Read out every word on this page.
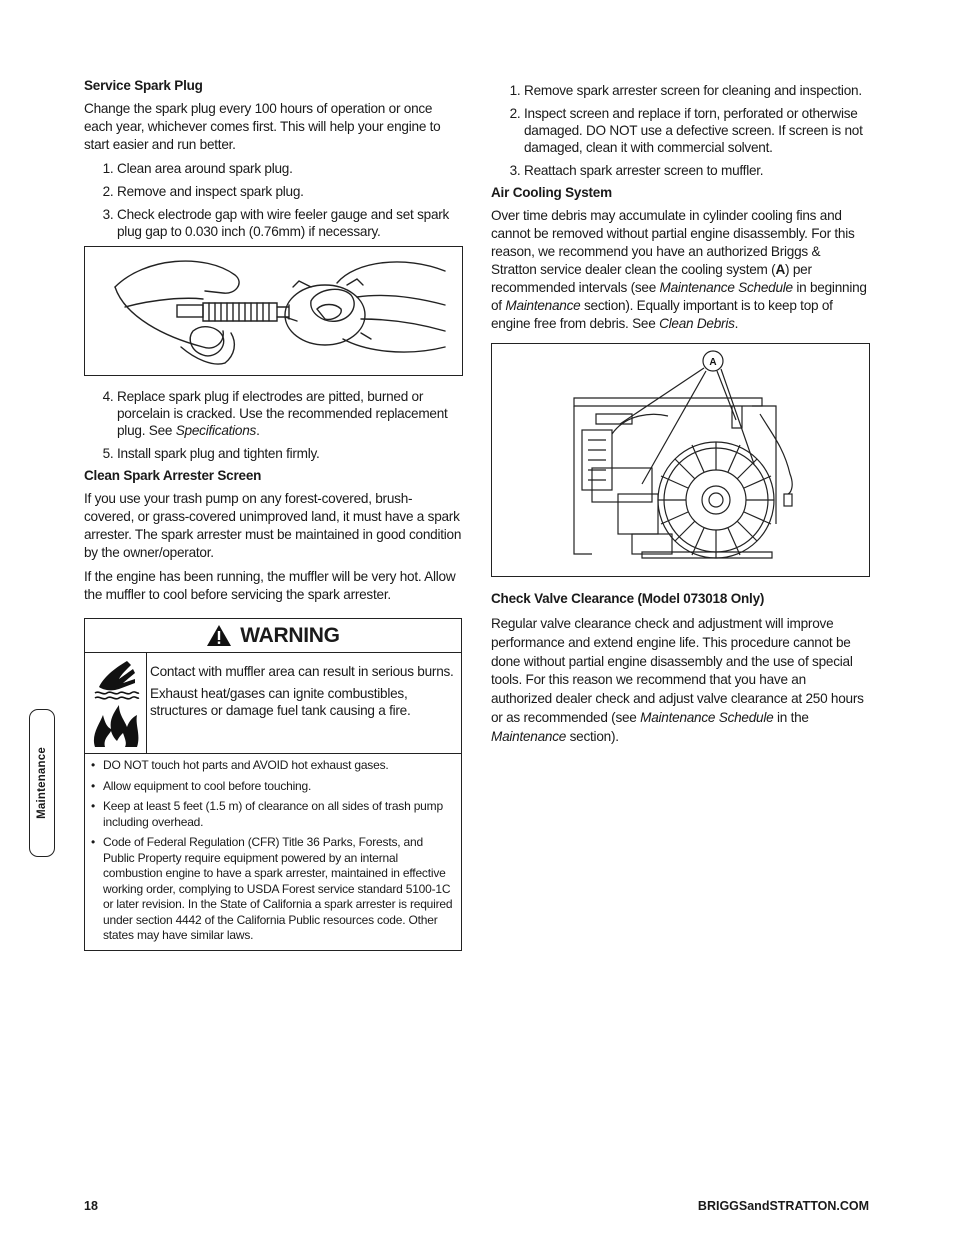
Service Spark Plug

Change the spark plug every 100 hours of operation or once each year, whichever comes first. This will help your engine to start easier and run better.

1. Clean area around spark plug.
2. Remove and inspect spark plug.
3. Check electrode gap with wire feeler gauge and set spark plug gap to 0.030 inch (0.76mm) if necessary.
4. Replace spark plug if electrodes are pitted, burned or porcelain is cracked. Use the recommended replacement plug. See Specifications.
5. Install spark plug and tighten firmly.
Clean Spark Arrester Screen

If you use your trash pump on any forest-covered, brush-covered, or grass-covered unimproved land, it must have a spark arrester. The spark arrester must be maintained in good condition by the owner/operator.

If the engine has been running, the muffler will be very hot. Allow the muffler to cool before servicing the spark arrester.

WARNING

Contact with muffler area can result in serious burns.

Exhaust heat/gases can ignite combustibles, structures or damage fuel tank causing a fire.

• DO NOT touch hot parts and AVOID hot exhaust gases.
• Allow equipment to cool before touching.
• Keep at least 5 feet (1.5 m) of clearance on all sides of trash pump including overhead.
• Code of Federal Regulation (CFR) Title 36 Parks, Forests, and Public Property require equipment powered by an internal combustion engine to have a spark arrester, maintained in effective working order, complying to USDA Forest service standard 5100-1C or later revision. In the State of California a spark arrester is required under section 4442 of the California Public resources code. Other states may have similar laws.
1. Remove spark arrester screen for cleaning and inspection.
2. Inspect screen and replace if torn, perforated or otherwise damaged. DO NOT use a defective screen. If screen is not damaged, clean it with commercial solvent.
3. Reattach spark arrester screen to muffler.
Air Cooling System

Over time debris may accumulate in cylinder cooling fins and cannot be removed without partial engine disassembly. For this reason, we recommend you have an authorized Briggs & Stratton service dealer clean the cooling system (A) per recommended intervals (see Maintenance Schedule in beginning of Maintenance section). Equally important is to keep top of engine free from debris. See Clean Debris.

A
Check Valve Clearance (Model 073018 Only)

Regular valve clearance check and adjustment will improve performance and extend engine life. This procedure cannot be done without partial engine disassembly and the use of special tools. For this reason we recommend that you have an authorized dealer check and adjust valve clearance at 250 hours or as recommended (see Maintenance Schedule in the Maintenance section).

Maintenance
18	BRIGGSandSTRATTON.COM
